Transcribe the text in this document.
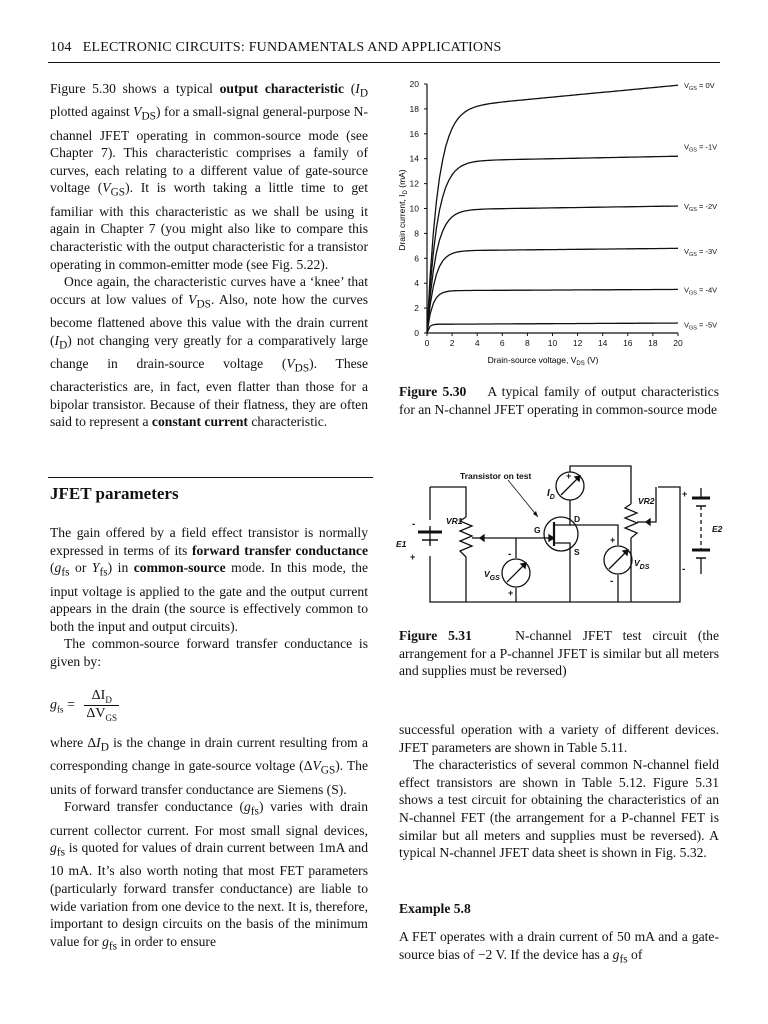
104 ELECTRONIC CIRCUITS: FUNDAMENTALS AND APPLICATIONS

Figure 5.30 shows a typical output characteristic ($I_D$ plotted against $V_{DS}$) for a small-signal general-purpose N-channel JFET operating in common-source mode (see Chapter 7). This characteristic comprises a family of curves, each relating to a different value of gate-source voltage $(V_{GS})$. It is worth taking a little time to get familiar with this characteristic as we shall be using it again in Chapter 7 (you might also like to compare this characteristic with the output characteristic for a transistor operating in common-emitter mode (see Fig. 5.22).

Once again, the characteristic curves have a ‘knee’ that occurs at low values of $V_{DS}$. Also, note how the curves become flattened above this value with the drain current $(I_D)$ not changing very greatly for a comparatively large change in drain-source voltage $(V_{DS})$. These characteristics are, in fact, even flatter than those for a bipolar transistor. Because of their flatness, they are often said to represent a constant current characteristic.

JFET parameters

The gain offered by a field effect transistor is normally expressed in terms of its forward transfer conductance ($g_{fs}$ or $Y_{fs}$) in common-source mode. In this mode, the input voltage is applied to the gate and the output current appears in the drain (the source is effectively common to both the input and output circuits).

The common-source forward transfer conductance is given by:

$g_{fs} = \frac{\Delta I_D}{\Delta V_{GS}}$

where $\Delta I_D$ is the change in drain current resulting from a corresponding change in gate-source voltage $(\Delta V_{GS})$. The units of forward transfer conductance are Siemens (S).

Forward transfer conductance $(g_{fs})$ varies with drain current collector current. For most small signal devices, $g_{fs}$ is quoted for values of drain current between 1mA and 10 mA. It’s also worth noting that most FET parameters (particularly forward transfer conductance) are liable to wide variation from one device to the next. It is, therefore, important to design circuits on the basis of the minimum value for $g_{fs}$ in order to ensure

0 2 4 6 8 10 12 14 16 18 20
0
2
4
6
8
10
12
14
16
18
20	$V_{GS} = 0V$
$V_{GS} = -1V$
$V_{GS} = -2V$
$V_{GS} = -3V$
$V_{GS} = -4V$
$V_{GS} = -5V$
Drain-source voltage, $V_{DS}$ (V)
Drain current, $I_D$ (mA)
Figure 5.30 A typical family of output characteristics for an N-channel JFET operating in common-source mode
Transistor on test
$I_D$	VR2
VR1
E1
E2
G
D
S
$V_{GS}$
$V_{DS}$
+
+
-
+
-
+
-
-
+
Figure 5.31	N-channel JFET test circuit (the arrangement for a P-channel JFET is similar but all meters and supplies must be reversed)

successful operation with a variety of different devices. JFET parameters are shown in Table 5.11.

The characteristics of several common N-channel field effect transistors are shown in Table 5.12. Figure 5.31 shows a test circuit for obtaining the characteristics of an N-channel FET (the arrangement for a P-channel FET is similar but all meters and supplies must be reversed). A typical N-channel JFET data sheet is shown in Fig. 5.32.

Example 5.8

A FET operates with a drain current of 50 mA and a gate-source bias of −2 V. If the device has a $g_{fs}$ of
